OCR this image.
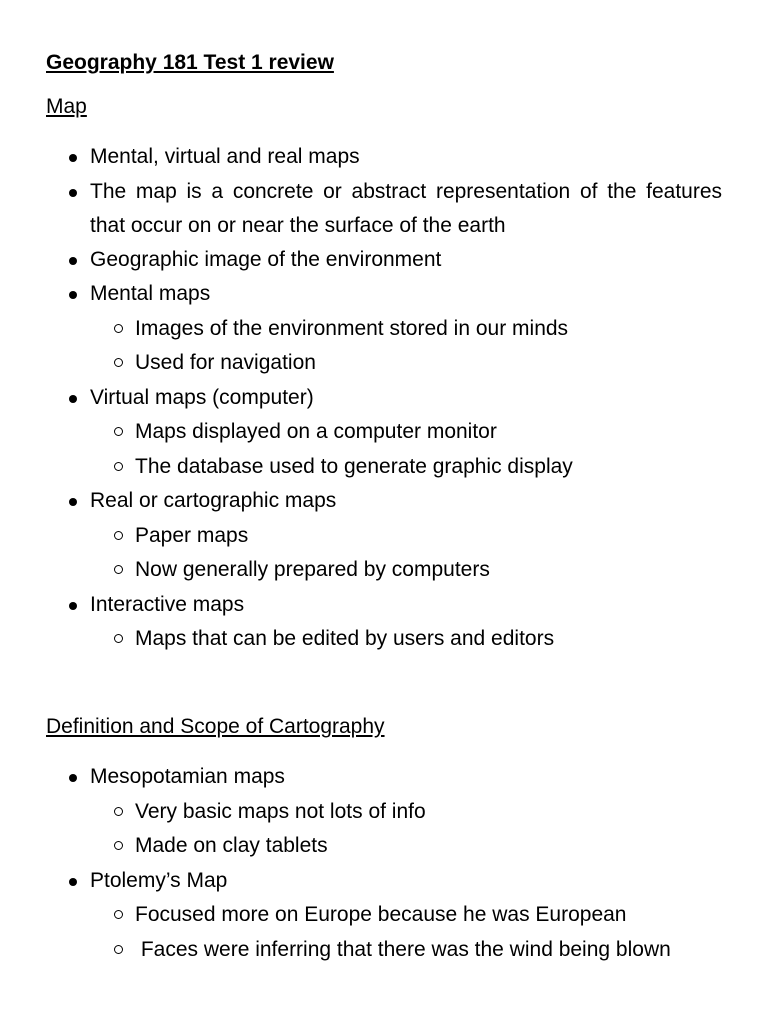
Geography 181 Test 1 review
Map
Mental, virtual and real maps
The map is a concrete or abstract representation of the features that occur on or near the surface of the earth
Geographic image of the environment
Mental maps
Images of the environment stored in our minds
Used for navigation
Virtual maps (computer)
Maps displayed on a computer monitor
The database used to generate graphic display
Real or cartographic maps
Paper maps
Now generally prepared by computers
Interactive maps
Maps that can be edited by users and editors
Definition and Scope of Cartography
Mesopotamian maps
Very basic maps not lots of info
Made on clay tablets
Ptolemy’s Map
Focused more on Europe because he was European
Faces were inferring that there was the wind being blown
